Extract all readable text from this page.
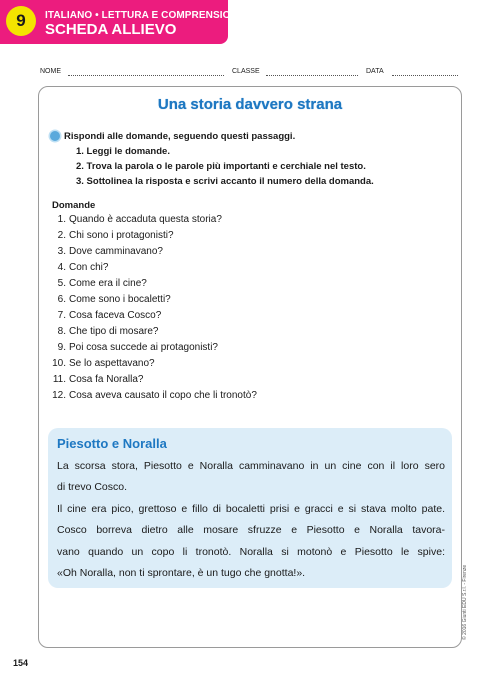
9	ITALIANO • LETTURA E COMPRENSIONE
SCHEDA ALLIEVO
NOME	CLASSE	DATA
Una storia davvero strana
Rispondi alle domande, seguendo questi passaggi.
1. Leggi le domande.
2. Trova la parola o le parole più importanti e cerchiale nel testo.
3. Sottolinea la risposta e scrivi accanto il numero della domanda.
Domande
1. Quando è accaduta questa storia?
2. Chi sono i protagonisti?
3. Dove camminavano?
4. Con chi?
5. Come era il cine?
6. Come sono i bocaletti?
7. Cosa faceva Cosco?
8. Che tipo di mosare?
9. Poi cosa succede ai protagonisti?
10. Se lo aspettavano?
11. Cosa fa Noralla?
12. Cosa aveva causato il copo che li tronotò?
Piesotto e Noralla
La scorsa stora, Piesotto e Noralla camminavano in un cine con il loro sero
di trevo Cosco.
Il cine era pico, grettoso e fillo di bocaletti prisi e gracci e si stava molto pate.
Cosco borreva dietro alle mosare sfruzze e Piesotto e Noralla tavora-
vano quando un copo li tronotò. Noralla si motonò e Piesotto le spive:
«Oh Noralla, non ti sprontare, è un tugo che gnotta!».	© 2016 Giunti EDU S.r.l. - Firenze
154
